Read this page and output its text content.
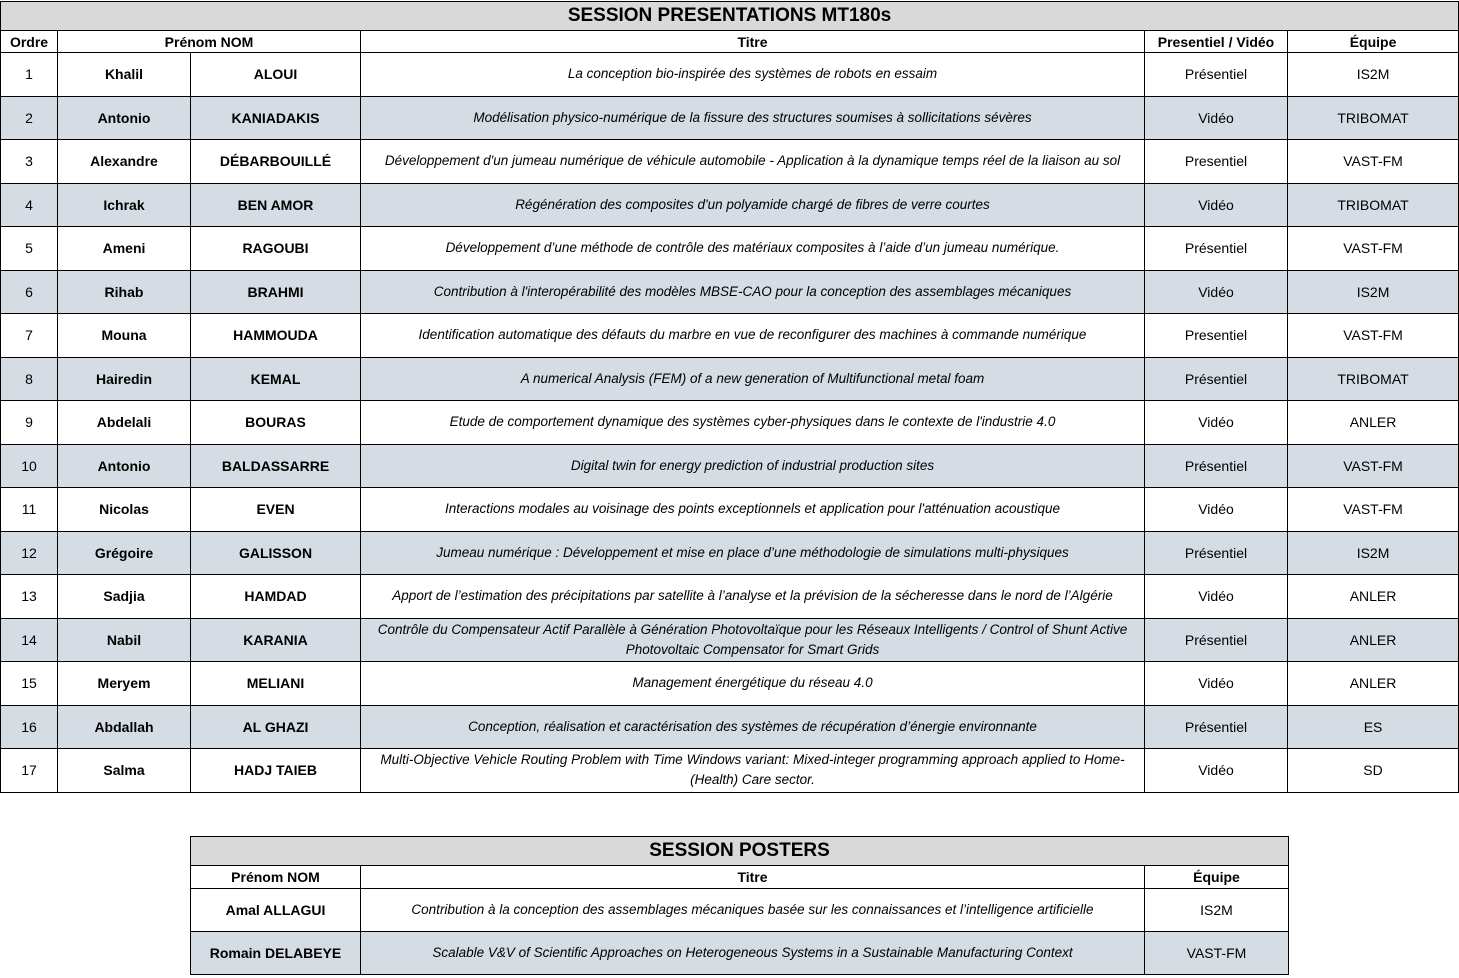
SESSION PRESENTATIONS MT180s					
Ordre	Prénom NOM		Titre	Presentiel / Vidéo	Équipe
1	Khalil	ALOUI	La conception bio-inspirée des systèmes de robots en essaim	Présentiel	IS2M
2	Antonio	KANIADAKIS	Modélisation physico-numérique de la fissure des structures soumises à sollicitations sévères	Vidéo	TRIBOMAT
3	Alexandre	DÉBARBOUILLÉ	Développement d'un jumeau numérique de véhicule automobile - Application à la dynamique temps réel de la liaison au sol	Presentiel	VAST-FM
4	Ichrak	BEN AMOR	Régénération des composites d'un polyamide chargé de fibres de verre courtes	Vidéo	TRIBOMAT
5	Ameni	RAGOUBI	Développement d’une méthode de contrôle des matériaux composites à l’aide d’un jumeau numérique.	Présentiel	VAST-FM
6	Rihab	BRAHMI	Contribution à l'interopérabilité des modèles MBSE-CAO pour la conception des assemblages mécaniques	Vidéo	IS2M
7	Mouna	HAMMOUDA	Identification automatique des défauts du marbre en vue de reconfigurer des machines à commande numérique	Presentiel	VAST-FM
8	Hairedin	KEMAL	A numerical Analysis (FEM) of a new generation of Multifunctional metal foam	Présentiel	TRIBOMAT
9	Abdelali	BOURAS	Etude de comportement dynamique des systèmes cyber-physiques dans le contexte de l'industrie 4.0	Vidéo	ANLER
10	Antonio	BALDASSARRE	Digital twin for energy prediction of industrial production sites	Présentiel	VAST-FM
11	Nicolas	EVEN	Interactions modales au voisinage des points exceptionnels et application pour l'atténuation acoustique	Vidéo	VAST-FM
12	Grégoire	GALISSON	Jumeau numérique : Développement et mise en place d’une méthodologie de simulations multi-physiques	Présentiel	IS2M
13	Sadjia	HAMDAD	Apport de l’estimation des précipitations par satellite à l’analyse et la prévision de la sécheresse dans le nord de l’Algérie	Vidéo	ANLER
14	Nabil	KARANIA	Contrôle du Compensateur Actif Parallèle à Génération Photovoltaïque pour les Réseaux Intelligents / Control of Shunt Active Photovoltaic Compensator for Smart Grids	Présentiel	ANLER
15	Meryem	MELIANI	Management énergétique du réseau 4.0	Vidéo	ANLER
16	Abdallah	AL GHAZI	Conception, réalisation et caractérisation des systèmes de récupération d’énergie environnante	Présentiel	ES
17	Salma	HADJ TAIEB	Multi-Objective Vehicle Routing Problem with Time Windows variant: Mixed-integer programming approach applied to Home-(Health) Care sector.	Vidéo	SD
SESSION POSTERS		
Prénom NOM	Titre	Équipe
Amal ALLAGUI	Contribution à la conception des assemblages mécaniques basée sur les connaissances et l’intelligence artificielle	IS2M
Romain DELABEYE	Scalable V&V of Scientific Approaches on Heterogeneous Systems in a Sustainable Manufacturing Context	VAST-FM
